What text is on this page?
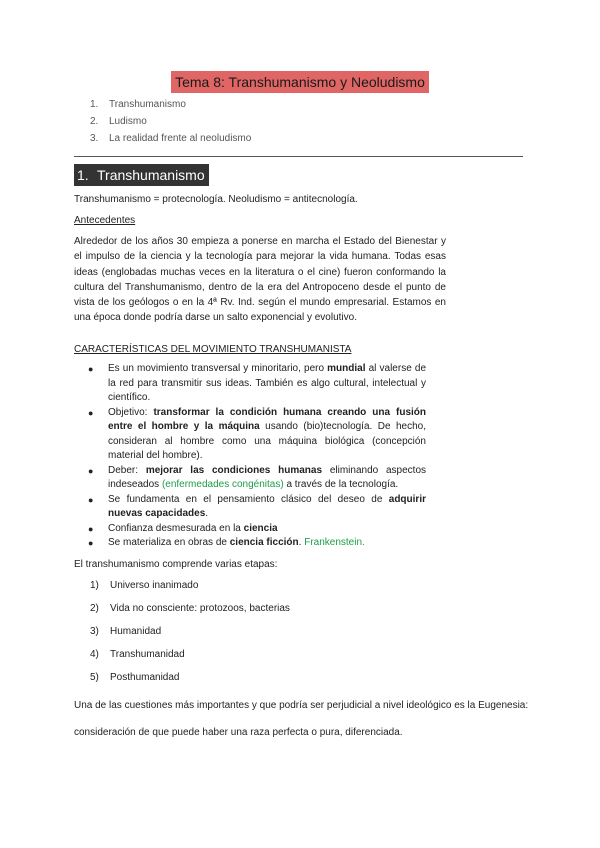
Tema 8: Transhumanismo y Neoludismo
1. Transhumanismo
2. Ludismo
3. La realidad frente al neoludismo
1. Transhumanismo
Transhumanismo = protecnología. Neoludismo = antitecnología.
Antecedentes
Alrededor de los años 30 empieza a ponerse en marcha el Estado del Bienestar y el impulso de la ciencia y la tecnología para mejorar la vida humana. Todas esas ideas (englobadas muchas veces en la literatura o el cine) fueron conformando la cultura del Transhumanismo, dentro de la era del Antropoceno desde el punto de vista de los geólogos o en la 4ª Rv. Ind. según el mundo empresarial. Estamos en una época donde podría darse un salto exponencial y evolutivo.
CARACTERÍSTICAS DEL MOVIMIENTO TRANSHUMANISTA
● Es un movimiento transversal y minoritario, pero mundial al valerse de la red para transmitir sus ideas. También es algo cultural, intelectual y científico.
● Objetivo: transformar la condición humana creando una fusión entre el hombre y la máquina usando (bio)tecnología. De hecho, consideran al hombre como una máquina biológica (concepción material del hombre).
● Deber: mejorar las condiciones humanas eliminando aspectos indeseados (enfermedades congénitas) a través de la tecnología.
● Se fundamenta en el pensamiento clásico del deseo de adquirir nuevas capacidades.
● Confianza desmesurada en la ciencia
● Se materializa en obras de ciencia ficción. Frankenstein.
El transhumanismo comprende varias etapas:
1) Universo inanimado
2) Vida no consciente: protozoos, bacterias
3) Humanidad
4) Transhumanidad
5) Posthumanidad
Una de las cuestiones más importantes y que podría ser perjudicial a nivel ideológico es la Eugenesia: consideración de que puede haber una raza perfecta o pura, diferenciada.
